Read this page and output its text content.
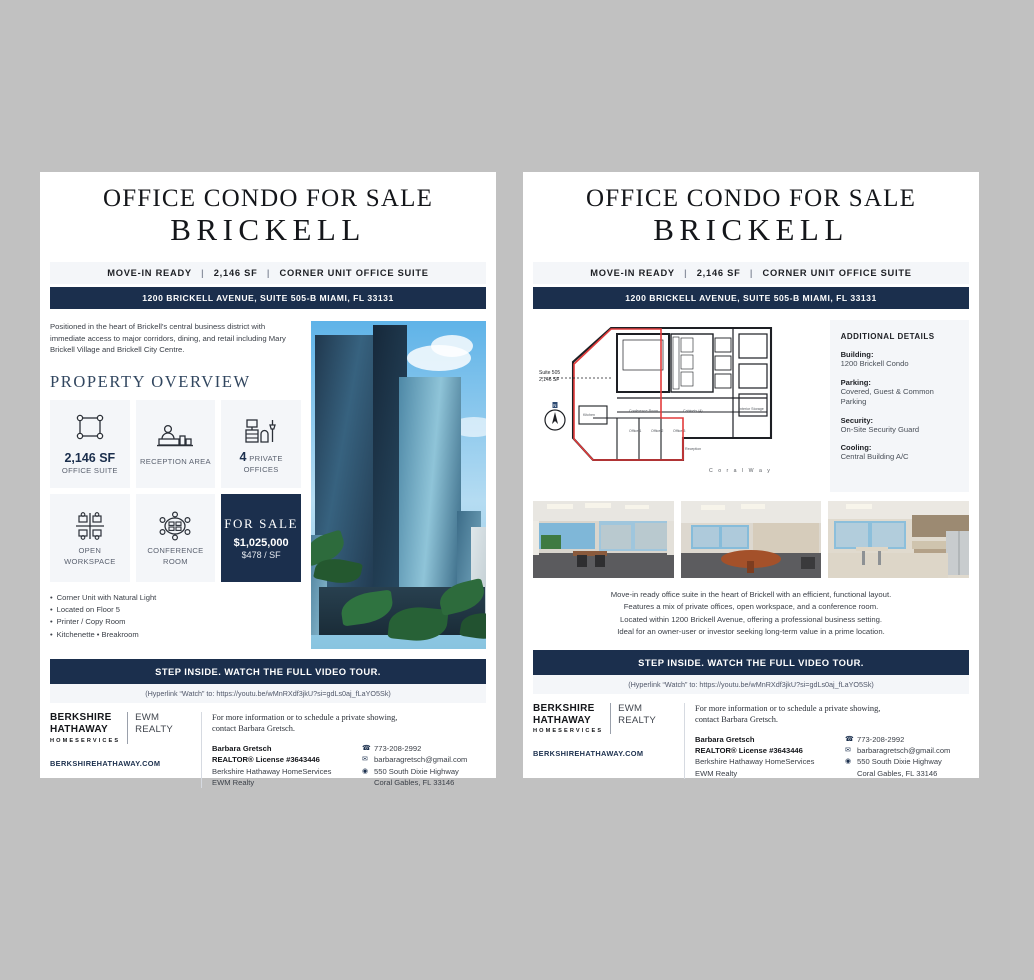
OFFICE CONDO FOR SALE
BRICKELL
MOVE-IN READY | 2,146 SF | CORNER UNIT OFFICE SUITE
1200 BRICKELL AVENUE, SUITE 505-B MIAMI, FL 33131
Positioned in the heart of Brickell's central business district with immediate access to major corridors, dining, and retail including Mary Brickell Village and Brickell City Centre.
PROPERTY OVERVIEW
2,146 SF
OFFICE SUITE
RECEPTION AREA	4 PRIVATE OFFICES
OPEN WORKSPACE
CONFERENCE ROOM
FOR SALE
$1,025,000
$478 / SF
• Corner Unit with Natural Light
• Located on Floor 5
• Printer / Copy Room
• Kitchenette • Breakroom
STEP INSIDE. WATCH THE FULL VIDEO TOUR.
(Hyperlink “Watch” to: https://youtu.be/wMnRXdf3jkU?si=gdLs0aj_fLaYO5Sk)
BERKSHIRE
HATHAWAY
HOMESERVICES
EWM
REALTY
BERKSHIREHATHAWAY.COM
For more information or to schedule a private showing,
contact Barbara Gretsch.
Barbara Gretsch
REALTOR® License #3643446
Berkshire Hathaway HomeServices
EWM Realty
☎ 773-208-2992
✉ barbaragretsch@gmail.com
◉ 550 South Dixie Highway
Coral Gables, FL 33146
OFFICE CONDO FOR SALE
BRICKELL
MOVE-IN READY | 2,146 SF | CORNER UNIT OFFICE SUITE
1200 BRICKELL AVENUE, SUITE 505-B MIAMI, FL 33131
Office 1	Office 2	Office 3
Conference Room	Cabinets (4)
Kitchen
Reception
Interior Storage
Suite 505
2,146 SF
N
C o r a l W a y
ADDITIONAL DETAILS
Building:
1200 Brickell Condo
Parking:
Covered, Guest & Common Parking
Security:
On-Site Security Guard
Cooling:
Central Building A/C
Move-in ready office suite in the heart of Brickell with an efficient, functional layout.
Features a mix of private offices, open workspace, and a conference room.
Located within 1200 Brickell Avenue, offering a professional business setting.
Ideal for an owner-user or investor seeking long-term value in a prime location.
STEP INSIDE. WATCH THE FULL VIDEO TOUR.
(Hyperlink “Watch” to: https://youtu.be/wMnRXdf3jkU?si=gdLs0aj_fLaYO5Sk)
BERKSHIRE
HATHAWAY
HOMESERVICES
EWM
REALTY
BERKSHIREHATHAWAY.COM
For more information or to schedule a private showing,
contact Barbara Gretsch.
Barbara Gretsch
REALTOR® License #3643446
Berkshire Hathaway HomeServices
EWM Realty
☎ 773-208-2992
✉ barbaragretsch@gmail.com
◉ 550 South Dixie Highway
Coral Gables, FL 33146
